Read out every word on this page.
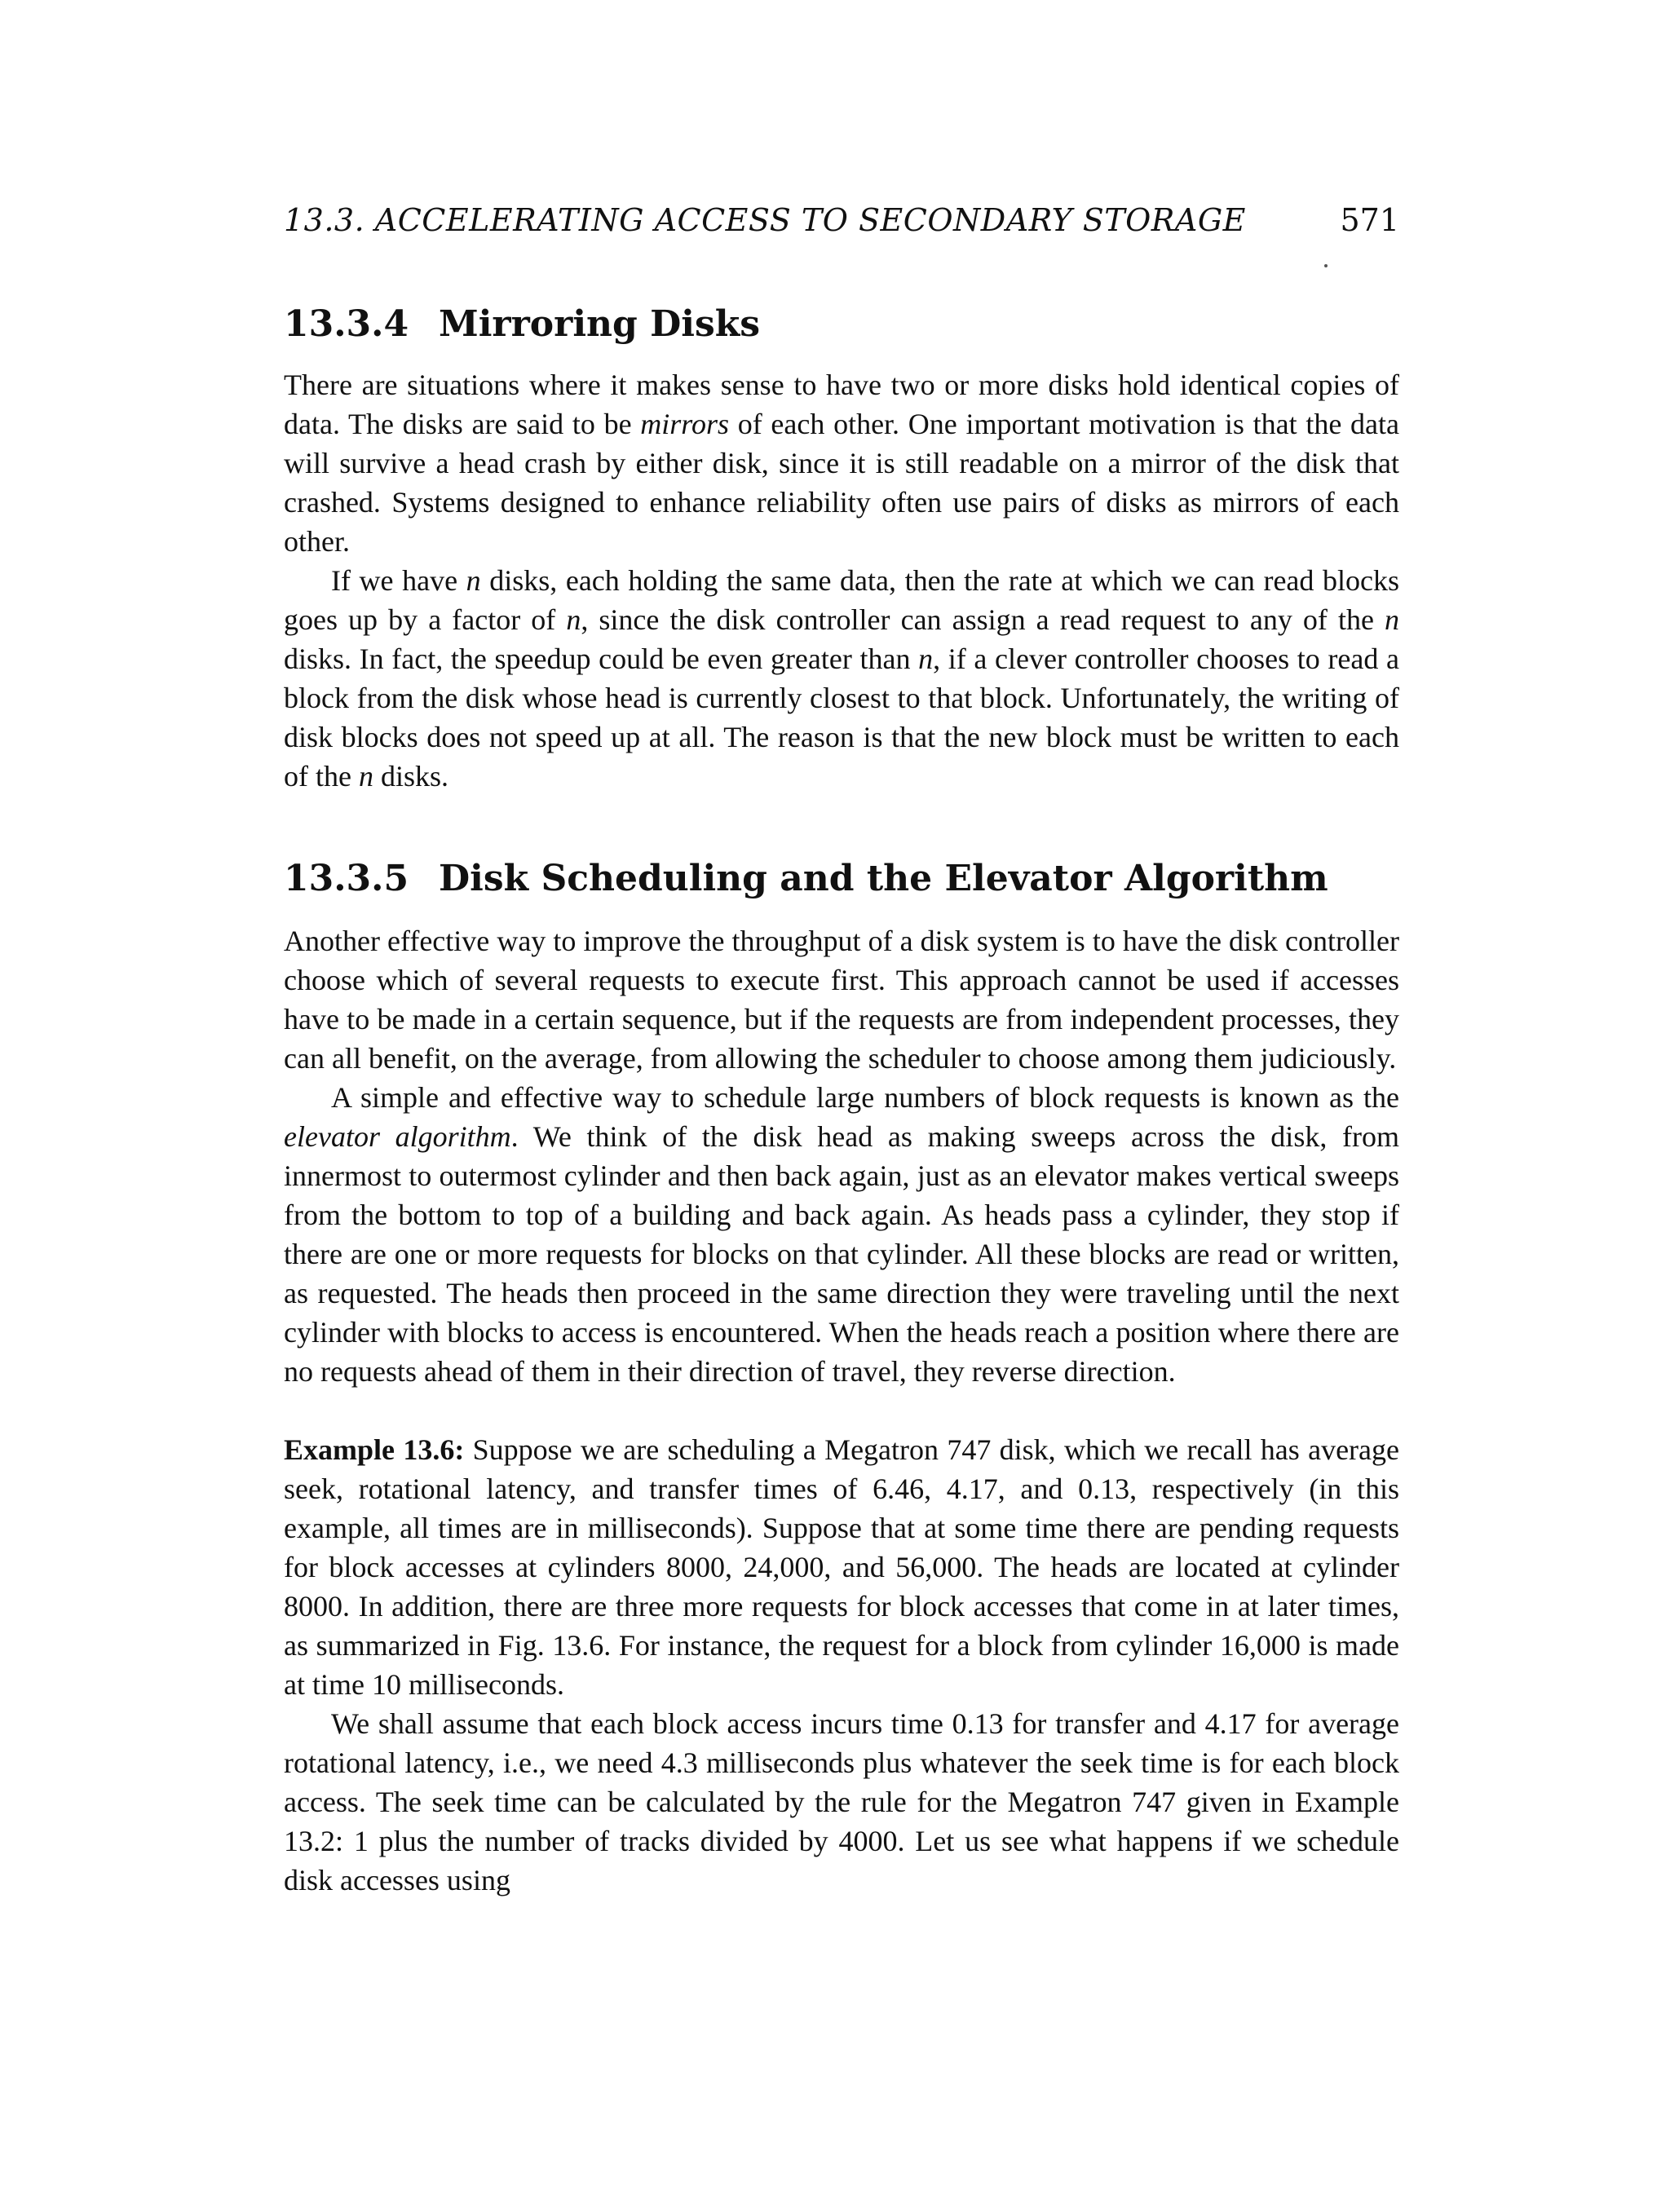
13.3. ACCELERATING ACCESS TO SECONDARY STORAGE	571
13.3.4 Mirroring Disks

There are situations where it makes sense to have two or more disks hold identical copies of data. The disks are said to be mirrors of each other. One important motivation is that the data will survive a head crash by either disk, since it is still readable on a mirror of the disk that crashed. Systems designed to enhance reliability often use pairs of disks as mirrors of each other.

If we have n disks, each holding the same data, then the rate at which we can read blocks goes up by a factor of n, since the disk controller can assign a read request to any of the n disks. In fact, the speedup could be even greater than n, if a clever controller chooses to read a block from the disk whose head is currently closest to that block. Unfortunately, the writing of disk blocks does not speed up at all. The reason is that the new block must be written to each of the n disks.

13.3.5 Disk Scheduling and the Elevator Algorithm

Another effective way to improve the throughput of a disk system is to have the disk controller choose which of several requests to execute first. This approach cannot be used if accesses have to be made in a certain sequence, but if the requests are from independent processes, they can all benefit, on the average, from allowing the scheduler to choose among them judiciously.

A simple and effective way to schedule large numbers of block requests is known as the elevator algorithm. We think of the disk head as making sweeps across the disk, from innermost to outermost cylinder and then back again, just as an elevator makes vertical sweeps from the bottom to top of a building and back again. As heads pass a cylinder, they stop if there are one or more requests for blocks on that cylinder. All these blocks are read or written, as requested. The heads then proceed in the same direction they were traveling until the next cylinder with blocks to access is encountered. When the heads reach a position where there are no requests ahead of them in their direction of travel, they reverse direction.

Example 13.6: Suppose we are scheduling a Megatron 747 disk, which we recall has average seek, rotational latency, and transfer times of 6.46, 4.17, and 0.13, respectively (in this example, all times are in milliseconds). Suppose that at some time there are pending requests for block accesses at cylinders 8000, 24,000, and 56,000. The heads are located at cylinder 8000. In addition, there are three more requests for block accesses that come in at later times, as summarized in Fig. 13.6. For instance, the request for a block from cylinder 16,000 is made at time 10 milliseconds.

We shall assume that each block access incurs time 0.13 for transfer and 4.17 for average rotational latency, i.e., we need 4.3 milliseconds plus whatever the seek time is for each block access. The seek time can be calculated by the rule for the Megatron 747 given in Example 13.2: 1 plus the number of tracks divided by 4000. Let us see what happens if we schedule disk accesses using
